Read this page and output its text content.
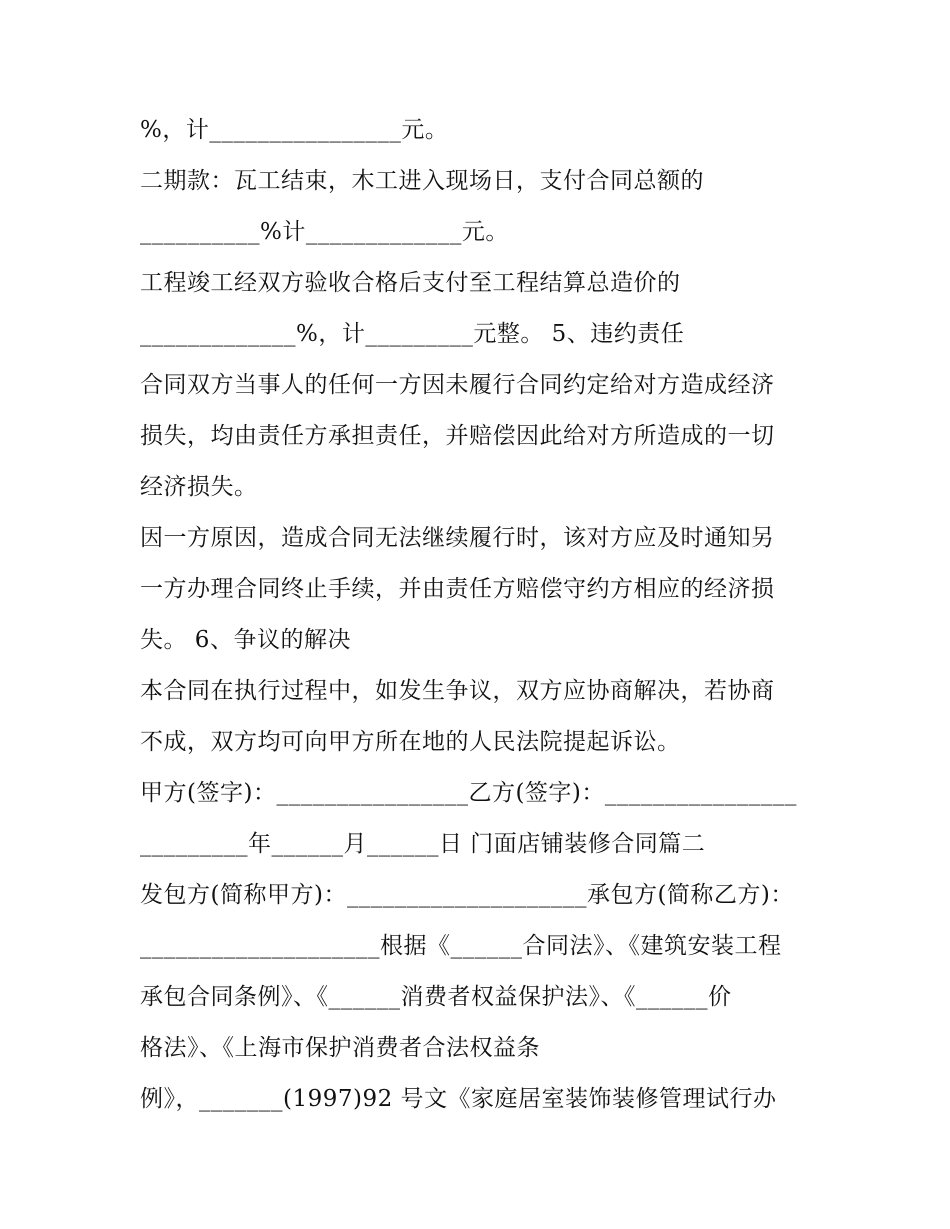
%，计________________元。
二期款：瓦工结束，木工进入现场日，支付合同总额的
__________%计_____________元。
工程竣工经双方验收合格后支付至工程结算总造价的
_____________%，计_________元整。 5、违约责任
合同双方当事人的任何一方因未履行合同约定给对方造成经济
损失，均由责任方承担责任，并赔偿因此给对方所造成的一切
经济损失。
因一方原因，造成合同无法继续履行时，该对方应及时通知另
一方办理合同终止手续，并由责任方赔偿守约方相应的经济损
失。 6、争议的解决
本合同在执行过程中，如发生争议，双方应协商解决，若协商
不成，双方均可向甲方所在地的人民法院提起诉讼。
甲方(签字)：________________乙方(签字)：________________
_________年______月______日 门面店铺装修合同篇二
发包方(简称甲方)：____________________承包方(简称乙方)：
____________________根据《______合同法》、《建筑安装工程
承包合同条例》、《______消费者权益保护法》、《______价
格法》、《上海市保护消费者合法权益条
例》，_______(1997)92 号文《家庭居室装饰装修管理试行办
